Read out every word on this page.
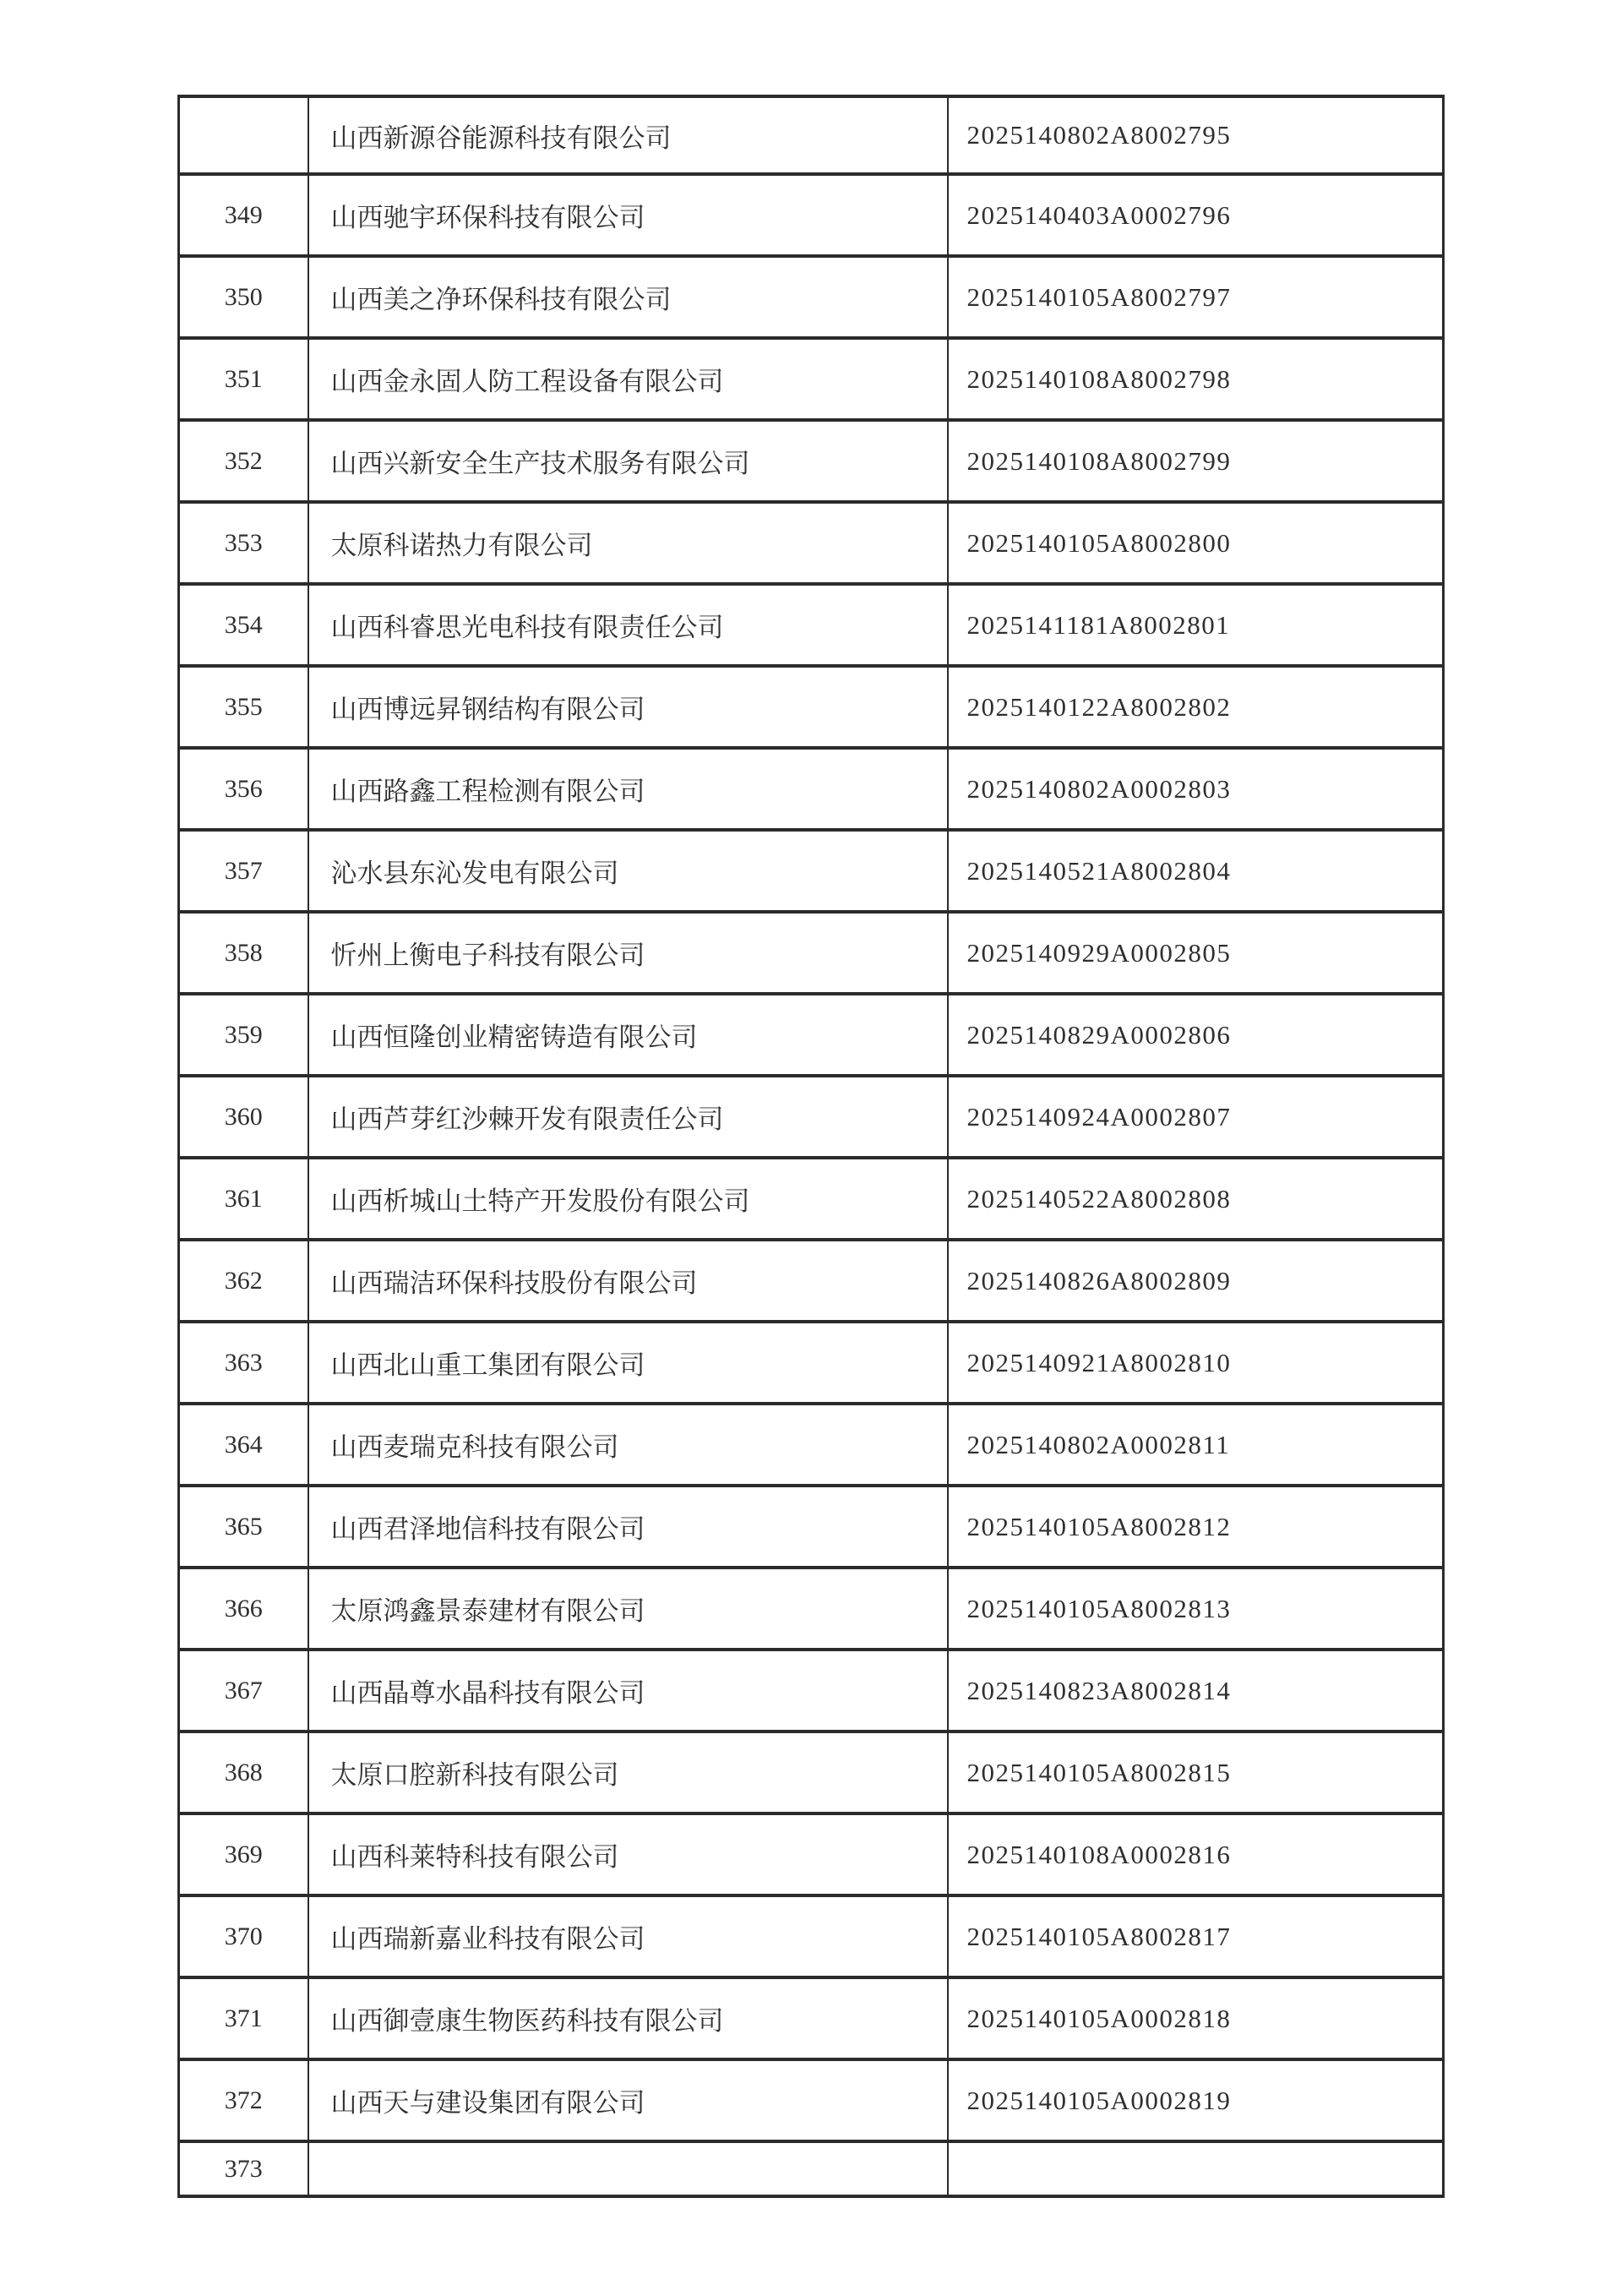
	山西新源谷能源科技有限公司	2025140802A8002795
349	山西驰宇环保科技有限公司	2025140403A0002796
350	山西美之净环保科技有限公司	2025140105A8002797
351	山西金永固人防工程设备有限公司	2025140108A8002798
352	山西兴新安全生产技术服务有限公司	2025140108A8002799
353	太原科诺热力有限公司	2025140105A8002800
354	山西科睿思光电科技有限责任公司	2025141181A8002801
355	山西博远昇钢结构有限公司	2025140122A8002802
356	山西路鑫工程检测有限公司	2025140802A0002803
357	沁水县东沁发电有限公司	2025140521A8002804
358	忻州上衡电子科技有限公司	2025140929A0002805
359	山西恒隆创业精密铸造有限公司	2025140829A0002806
360	山西芦芽红沙棘开发有限责任公司	2025140924A0002807
361	山西析城山土特产开发股份有限公司	2025140522A8002808
362	山西瑞洁环保科技股份有限公司	2025140826A8002809
363	山西北山重工集团有限公司	2025140921A8002810
364	山西麦瑞克科技有限公司	2025140802A0002811
365	山西君泽地信科技有限公司	2025140105A8002812
366	太原鸿鑫景泰建材有限公司	2025140105A8002813
367	山西晶尊水晶科技有限公司	2025140823A8002814
368	太原口腔新科技有限公司	2025140105A8002815
369	山西科莱特科技有限公司	2025140108A0002816
370	山西瑞新嘉业科技有限公司	2025140105A8002817
371	山西御壹康生物医药科技有限公司	2025140105A0002818
372	山西天与建设集团有限公司	2025140105A0002819
373		
